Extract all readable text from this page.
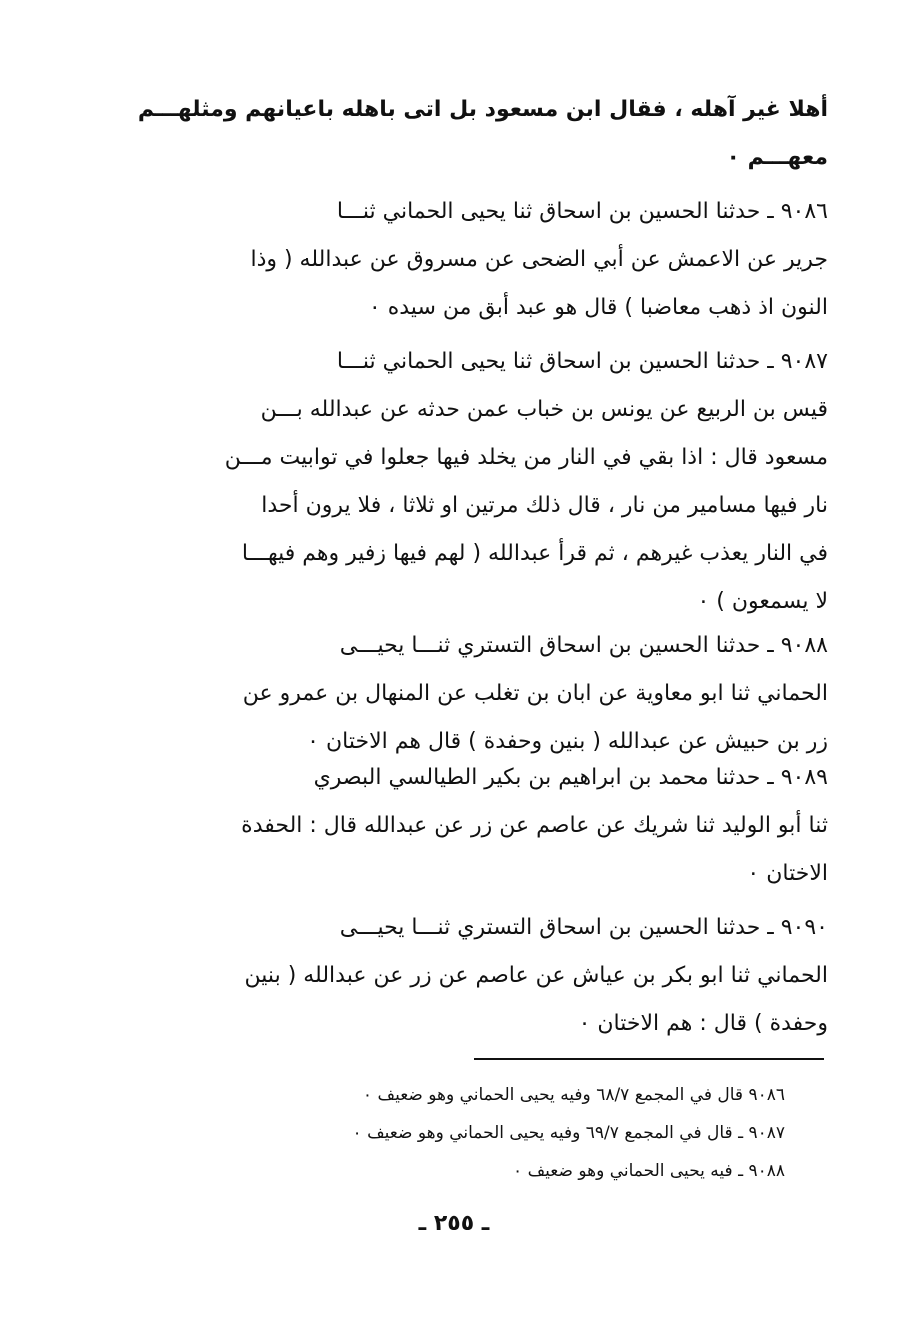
أهلا غير آهله ، فقال ابن مسعود بل اتى باهله باعيانهم ومثلهـــم
معهـــم ٠
٩٠٨٦ ـ حدثنا الحسين بن اسحاق ثنا يحيى الحماني ثنـــا
جرير عن الاعمش عن أبي الضحى عن مسروق عن عبدالله ( وذا
النون اذ ذهب معاضبا ) قال هو عبد أبق من سيده ٠
٩٠٨٧ ـ حدثنا الحسين بن اسحاق ثنا يحيى الحماني ثنـــا
قيس بن الربيع عن يونس بن خباب عمن حدثه عن عبدالله بـــن
مسعود قال : اذا بقي في النار من يخلد فيها جعلوا في توابيت مـــن
نار فيها مسامير من نار ، قال ذلك مرتين او ثلاثا ، فلا يرون أحدا
في النار يعذب غيرهم ، ثم قرأ عبدالله ( لهم فيها زفير وهم فيهـــا
لا يسمعون ) ٠
٩٠٨٨ ـ حدثنا الحسين بن اسحاق التستري ثنـــا يحيـــى
الحماني ثنا ابو معاوية عن ابان بن تغلب عن المنهال بن عمرو عن
زر بن حبيش عن عبدالله ( بنين وحفدة ) قال هم الاختان ٠
٩٠٨٩ ـ حدثنا محمد بن ابراهيم بن بكير الطيالسي البصري
ثنا أبو الوليد ثنا شريك عن عاصم عن زر عن عبدالله قال : الحفدة
الاختان ٠
٩٠٩٠ ـ حدثنا الحسين بن اسحاق التستري ثنـــا يحيـــى
الحماني ثنا ابو بكر بن عياش عن عاصم عن زر عن عبدالله ( بنين
وحفدة ) قال : هم الاختان ٠
٩٠٨٦ قال في المجمع ٦٨/٧ وفيه يحيى الحماني وهو ضعيف ٠
٩٠٨٧ ـ قال في المجمع ٦٩/٧ وفيه يحيى الحماني وهو ضعيف ٠
٩٠٨٨ ـ فيه يحيى الحماني وهو ضعيف ٠
ـ ٢٥٥ ـ
